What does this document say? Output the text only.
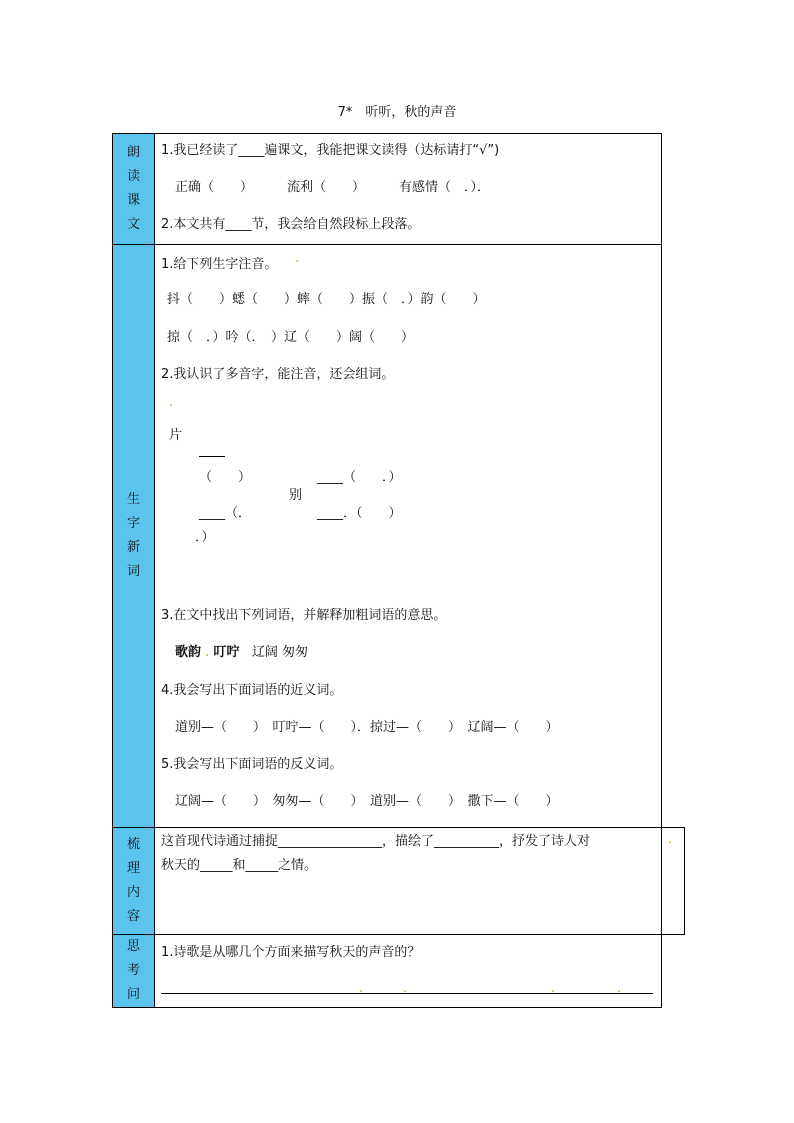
7*　听听，秋的声音
朗
读
课
文
1.我已经读了____遍课文，我能把课文读得（达标请打“√”)
正确（　　）	流利（　　）	有感情（　．）．
2.本文共有____节，我会给自然段标上段落。
生
字
新
词
1.给下列生字注音。 .
抖（　　）蟋（　　）蟀（　　）振（　．）韵（　　）
掠（　．）吟（．　）辽（　　）阔（　　）
2.我认识了多音字，能注音，还会组词。
.
片
（　　）	____（　　．）
别
____（．	____．（　　）
．）
3.在文中找出下列词语，并解释加粗词语的意思。
歌韵 . 叮咛 辽阔 匆匆
4.我会写出下面词语的近义词。
道别—（　　）　叮咛—（　　）．掠过—（　　）　辽阔—（　　）
5.我会写出下面词语的反义词。
辽阔—（　　）　匆匆—（　　）　道别—（　　）　撒下—（　　）
梳
理
内
容
这首现代诗通过捕捉________________，描绘了__________，抒发了诗人对
秋天的_____和_____之情。
.
思
考
问
1.诗歌是从哪几个方面来描写秋天的声音的？
.	.	.	.
